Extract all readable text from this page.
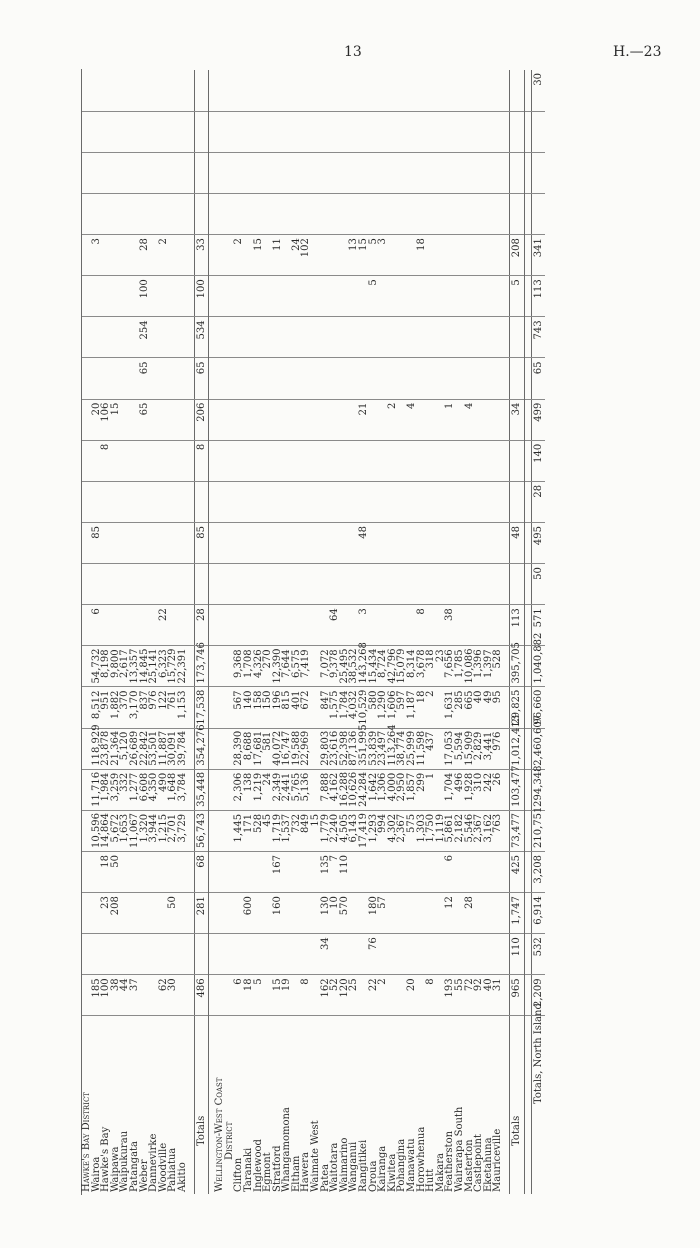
13	H.—23
Hawke's Bay District																							
Wairoa	185				10,596	11,716	118,929	8,512	54,732	6		85			20				3				
Hawke's Bay	100		23	18	14,864	1,984	23,878	951	8,198					8	106								
Waipawa	38		208	50	5,672	3,259	21,364	1,882	9,800						15								
Waipukurau	44				1,653	332	5,120	370	2,617														
Patangata	37				11,067	1,277	26,689	3,170	13,357														
Weber					1,320	6,608	22,842	837	14,845						65	65	254	100	28				
Dannevirke					3,944	4,350	53,501	976	25,141														
Woodville	62				1,215	490	11,887	122	6,323	22									2				
Pahiatua	30		50		2,701	1,648	30,091	761	15,729														
Akitio					3,729	3,784	39,784	1,153	22,391														

Totals	486		281	68	56,743	35,448	354,276	17,538	173,746	28		85		8	206	65	534	100	33				

Wellington-West Coast																							
District																							
Clifton	6				1,445	2,306	28,390	567	9,368										2				
Taranaki	18		600		171	138	8,688	140	1,708														
Inglewood	5				528	1,219	17,681	158	4,326										15				
Egmont					45	24	581	150	270														
Stratford	15		160	167	1,719	2,349	40,072	196	12,390										11				
Whangamomona	19				1,537	2,441	16,747	815	7,644														
Eltham					732	5,765	19,588	401	6,575										24				
Hawera	8				849	5,136	22,969	672	7,419										102				
Waimate West					15																		
Patea	162	34	130	135	1,779	7,888	29,803	847	7,072														
Waitotara	52		10	7	2,240	4,162	23,616	1,575	9,378	64													
Waimarino	120		570	110	4,505	16,288	52,398	1,784	25,495														
Wanganui	25				6,143	10,626	87,136	4,032	38,532										13				
Rangitikei					17,419	24,284	351,995	10,529	143,268	3		48			21				15				
Oroua	22	76	180		1,293	1,642	53,839	580	15,434									5	5				
Kairanga	2		57		994	1,306	23,497	1,290	8,724										3				
Kiwitea					4,302	4,000	113,264	1,606	42,796						2								
Pohangina					2,367	2,950	38,774	597	15,079														
Manawatu	20				575	1,857	25,999	1,187	8,314						4								
Horowhenua					1,303	299	11,598	18	3,678	8									18				
Hutt	8				1,750	1	437	2	318														
Makara					1,119				23														
Featherston	193		12	6	5,861	1,704	17,053	1,631	7,656	38					1								
Wairarapa South	55				2,182	496	5,594	285	1,785														
Masterton	72		28		5,546	1,928	15,909	665	10,086						4								
Castlepoint	92				2,367	310	2,829	40	1,396														
Eketahuna	40				3,162	242	3,441	49	1,397														
Mauriceville	31				763	26	976	95	528														

Totals	965	110	1,747	425	73,477	103,477	1,012,413	29,825	395,705	113		48			34			5	208				

Totals, North Island	2,209	532	6,914	3,208	210,751	294,348	2,460,607	96,660	1,040,882	571	50	495	28	140	499	65	743	113	341				30
